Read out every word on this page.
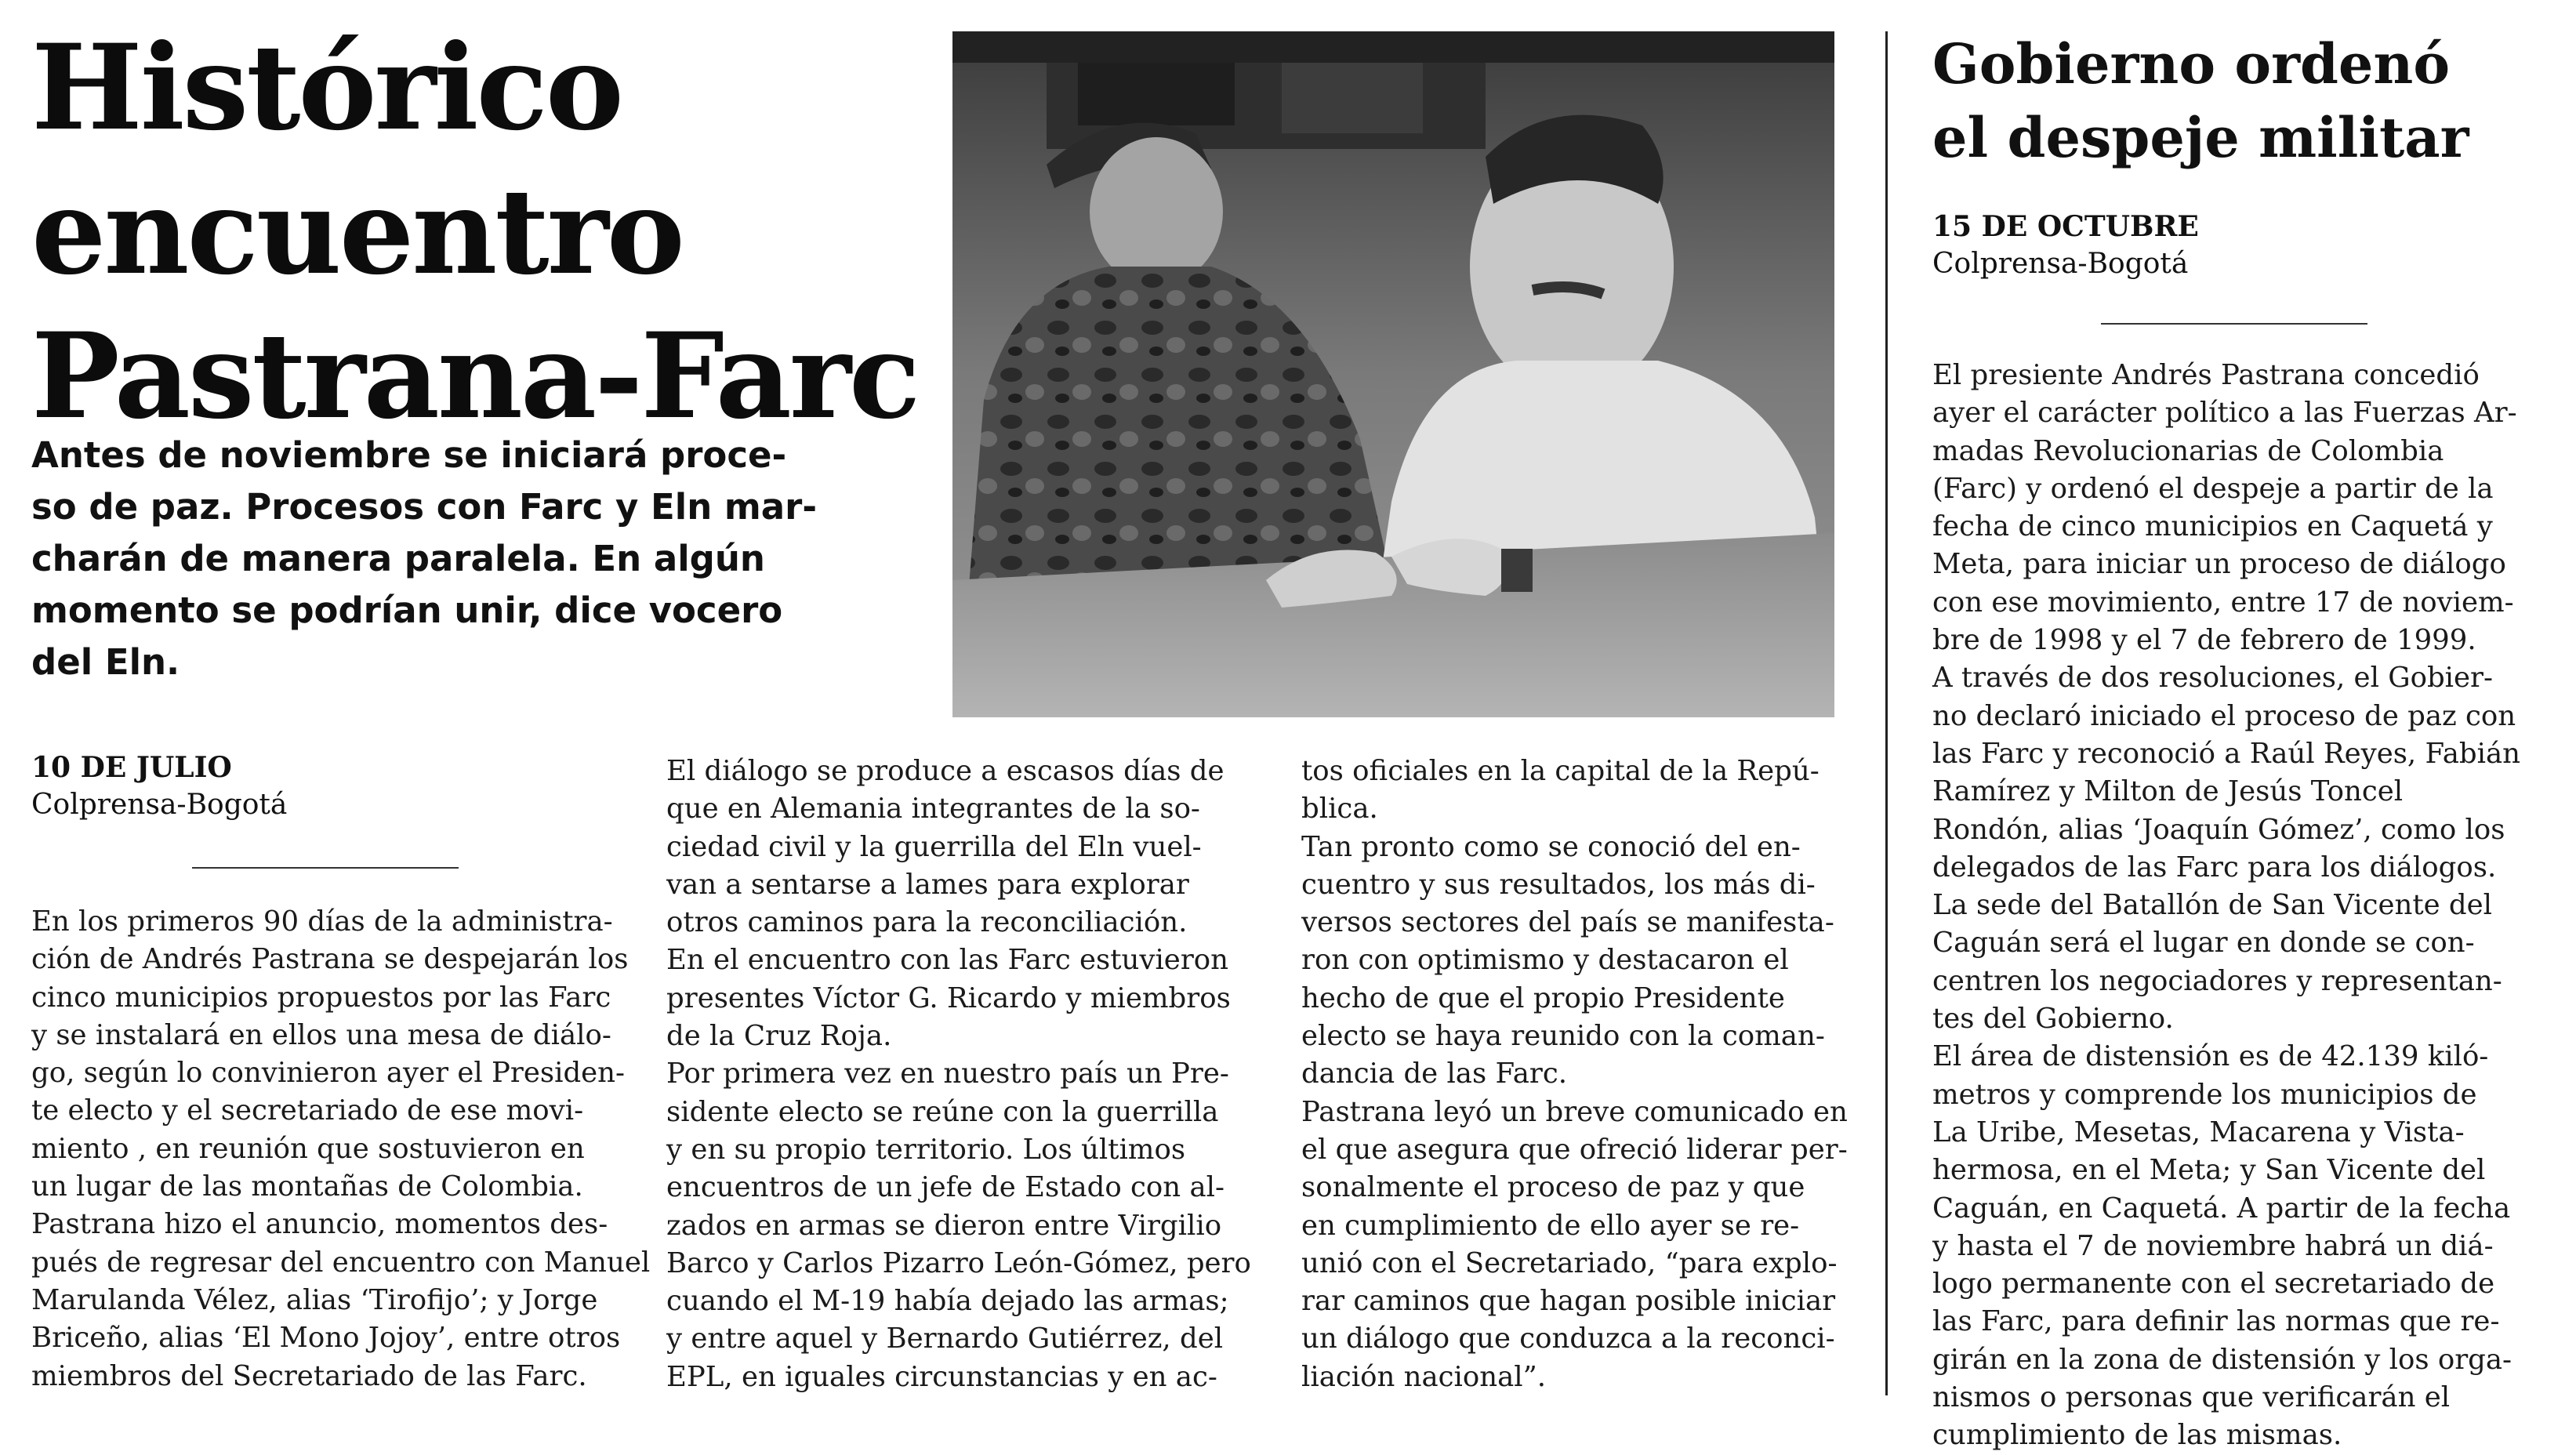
Histórico
encuentro
Pastrana-Farc

Antes de noviembre se iniciará proce-
so de paz. Procesos con Farc y Eln mar-
charán de manera paralela. En algún
momento se podrían unir, dice vocero
del Eln.

10 DE JULIO
Colprensa-Bogotá
En los primeros 90 días de la administra-
ción de Andrés Pastrana se despejarán los
cinco municipios propuestos por las Farc
y se instalará en ellos una mesa de diálo-
go, según lo convinieron ayer el Presiden-
te electo y el secretariado de ese movi-
miento , en reunión que sostuvieron en
un lugar de las montañas de Colombia.
Pastrana hizo el anuncio, momentos des-
pués de regresar del encuentro con Manuel
Marulanda Vélez, alias ‘Tirofijo’; y Jorge
Briceño, alias ‘El Mono Jojoy’, entre otros
miembros del Secretariado de las Farc.
El diálogo se produce a escasos días de
que en Alemania integrantes de la so-
ciedad civil y la guerrilla del Eln vuel-
van a sentarse a lames para explorar
otros caminos para la reconciliación.
En el encuentro con las Farc estuvieron
presentes Víctor G. Ricardo y miembros
de la Cruz Roja.
Por primera vez en nuestro país un Pre-
sidente electo se reúne con la guerrilla
y en su propio territorio. Los últimos
encuentros de un jefe de Estado con al-
zados en armas se dieron entre Virgilio
Barco y Carlos Pizarro León-Gómez, pero
cuando el M-19 había dejado las armas;
y entre aquel y Bernardo Gutiérrez, del
EPL, en iguales circunstancias y en ac-
tos oficiales en la capital de la Repú-
blica.
Tan pronto como se conoció del en-
cuentro y sus resultados, los más di-
versos sectores del país se manifesta-
ron con optimismo y destacaron el
hecho de que el propio Presidente
electo se haya reunido con la coman-
dancia de las Farc.
Pastrana leyó un breve comunicado en
el que asegura que ofreció liderar per-
sonalmente el proceso de paz y que
en cumplimiento de ello ayer se re-
unió con el Secretariado, “para explo-
rar caminos que hagan posible iniciar
un diálogo que conduzca a la reconci-
liación nacional”.
Gobierno ordenó
el despeje militar
15 DE OCTUBRE
Colprensa-Bogotá
El presiente Andrés Pastrana concedió
ayer el carácter político a las Fuerzas Ar-
madas Revolucionarias de Colombia
(Farc) y ordenó el despeje a partir de la
fecha de cinco municipios en Caquetá y
Meta, para iniciar un proceso de diálogo
con ese movimiento, entre 17 de noviem-
bre de 1998 y el 7 de febrero de 1999.
A través de dos resoluciones, el Gobier-
no declaró iniciado el proceso de paz con
las Farc y reconoció a Raúl Reyes, Fabián
Ramírez y Milton de Jesús Toncel
Rondón, alias ‘Joaquín Gómez’, como los
delegados de las Farc para los diálogos.
La sede del Batallón de San Vicente del
Caguán será el lugar en donde se con-
centren los negociadores y representan-
tes del Gobierno.
El área de distensión es de 42.139 kiló-
metros y comprende los municipios de
La Uribe, Mesetas, Macarena y Vista-
hermosa, en el Meta; y San Vicente del
Caguán, en Caquetá. A partir de la fecha
y hasta el 7 de noviembre habrá un diá-
logo permanente con el secretariado de
las Farc, para definir las normas que re-
girán en la zona de distensión y los orga-
nismos o personas que verificarán el
cumplimiento de las mismas.
